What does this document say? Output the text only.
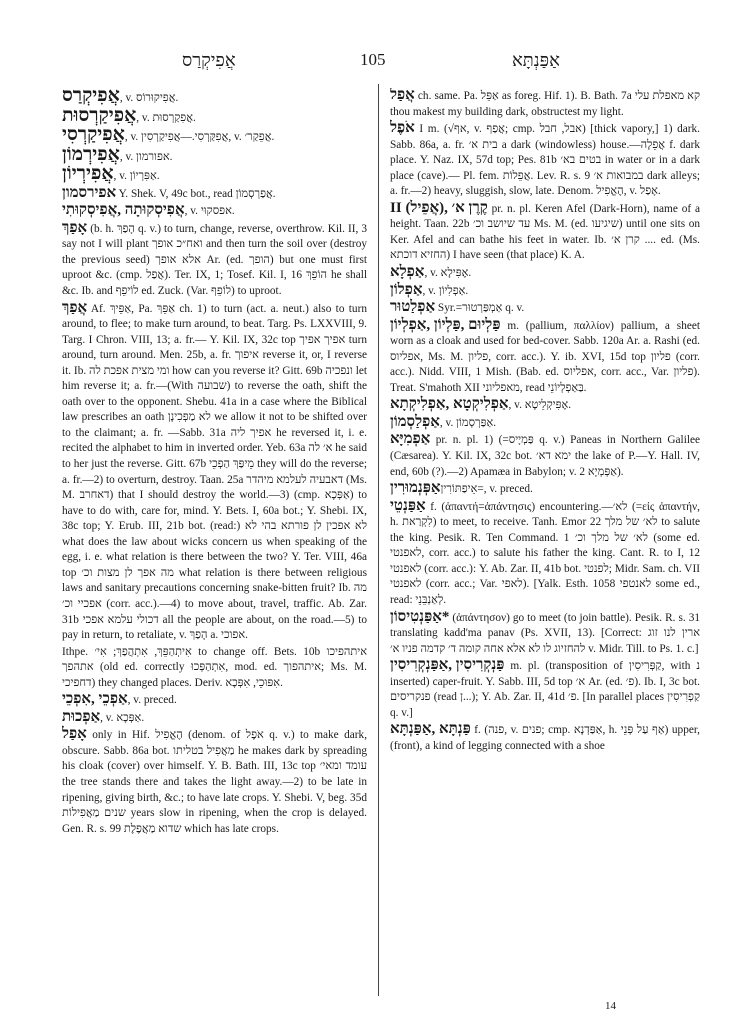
אֲפִיקְרַס	105	אַפַּנְתָּא

אֲפִיקְרַס, v. אֲפִיקוּרוֹס.

אֲפִיקַרְסוּת, v. אֲפִקַרְסוּת.

אֲפִיקַרְסִי, v. אֲפִקַּרְסִי.—אֲפִיקַרְסִין, v. אֲפֵקַר׳.

אֲפִירְמוֹן, v. אפורמון.

אֲפִירְיוֹן, v. אַפִּרְיוֹן.

אפירסמון Y. Shek. V, 49c bot., read אֲפַרְסְמוֹן.

אֲפִיסְקוּתָה ,אֲפִיסְקוּתִי, v. אפסקוּי.

אָפַךְ (b. h. הָפַךְ q. v.) to turn, change, reverse, overthrow. Kil. II, 3 say not I will plant ואח״כ אופך and then turn the soil over (destroy the previous seed) אלא אופך Ar. (ed. הופך) but one must first uproot &c. (cmp. אֲפַל). Ter. IX, 1; Tosef. Kil. I, 16 הוֹפֵךְ he shall &c. Ib. and לוֹיפֵף ed. Zuck. (Var. לוֹפֵף) to uproot.

אֲפַךְ Af. אַפֵּיךְ, Pa. אַפֵּךְ ch. 1) to turn (act. a. neut.) also to turn around, to flee; to make turn around, to beat. Targ. Ps. LXXVIII, 9. Targ. I Chron. VIII, 13; a. fr.— Y. Kil. IX, 32c top אפיך אפיך turn around, turn around. Men. 25b, a. fr. איפוך reverse it, or, I reverse it. Ib. ומי מצית אפכת לה how can you reverse it? Gitt. 69b ונפכיה let him reverse it; a. fr.—(With שבועה) to reverse the oath, shift the oath over to the opponent. Shebu. 41a in a case where the Biblical law prescribes an oath לא מַפְכִינָן we allow it not to be shifted over to the claimant; a. fr. —Sabb. 31a אפיך ליה he reversed it, i. e. recited the alphabet to him in inverted order. Yeb. 63a א׳ לה he said to her just the reverse. Gitt. 67b מֵיפַּךְ הַפְכֵי they will do the reverse; a. fr.—2) to overturn, destroy. Taan. 25a דאבעיה לעלמא מיהדר (Ms. M. דאחרב) that I should destroy the world.—3) (cmp. אַפְּכָא) to have to do with, care for, mind. Y. Bets. I, 60a bot.; Y. Shebi. IX, 38c top; Y. Erub. III, 21b bot. (read:) לא אפכין לן פורתא בהי לא what does the law about wicks concern us when speaking of the egg, i. e. what relation is there between the two? Y. Ter. VIII, 46a top מה אפך לן מצות וכ׳ what relation is there between religious laws and sanitary precautions concerning snake-bitten fruit? Ib. מה אפכיי וכ׳ (corr. acc.).—4) to move about, travel, traffic. Ab. Zar. 31b דכולי עלמא אפכי all the people are about, on the road.—5) to pay in return, to retaliate, v. הָפַךְ a. אפוכי.

Ithpe. אִיתְהַפֵּךְ, אִתְהֲפַךְ; אִי׳ to change off. Bets. 10b איתהפיכו אתהפך (old ed. correctly אִתְהַפְּכוּ, mod. ed. איתהפוך; Ms. M. דחפיכי) they changed places. Deriv. אִפּוּכֵי, אִפְּכָא.

אַפְכֵי ,אִפְכֵי, v. preced.

אַפְכוּת, v. אַפְּכָא.

אָפַל only in Hif. הֶאֱפִיל (denom. of אֹפֶל q. v.) to make dark, obscure. Sabb. 86a bot. מַאֲפִיל בטליתו he makes dark by spreading his cloak (cover) over himself. Y. B. Bath. III, 13c top עומד ומאי׳ the tree stands there and takes the light away.—2) to be late in ripening, giving birth, &c.; to have late crops. Y. Shebi. V, beg. 35d שנים מַאֲפִילוֹת years slow in ripening, when the crop is delayed. Gen. R. s. 99 שדוא מַאֲפֶלֶת which has late crops.

אֲפַל ch. same. Pa. אַפֵּל as foreg. Hif. 1). B. Bath. 7a קא מאפלת עלי thou makest my building dark, obstructest my light.

אֹפֶל I m. (√אף, v. אֲפַף; cmp. אבל, חבל) [thick vapory,] 1) dark. Sabb. 86a, a. fr. בית א׳ a dark (windowless) house.—אֲפֵלָה f. dark place. Y. Naz. IX, 57d top; Pes. 81b בטים בא׳ in water or in a dark place (cave).— Pl. fem. אֲפֵלוֹת. Lev. R. s. 9 במבואות א׳ dark alleys; a. fr.—2) heavy, sluggish, slow, late. Denom. הֶאֱפִיל, v. אָפַל.

קֶרֶן א׳ ,(אֲפֵיל) II pr. n. pl. Keren Afel (Dark-Horn), name of a height. Taan. 22b עד שיושב וכ׳ Ms. M. (ed. שיגיעו) until one sits on Ker. Afel and can bathe his feet in water. Ib. קרן א׳ .... ed. (Ms. החזיא דוכתא) I have seen (that place) K. A.

אַפְלָא, v. אֶפִּילָא.

אַפְלוֹן, v. אַפְלִיוֹן.

אַפְלַטוּר Syr.=אַמְפַּרְטוּר q. v.

פַּלְיוּם ,פַּלְיוֹן ,אַפְלְיוֹן m. (pallium, παλλίον) pallium, a sheet worn as a cloak and used for bed-cover. Sabb. 120a Ar. a. Rashi (ed. אפליוס, Ms. M. פליון, corr. acc.). Y. ib. XVI, 15d top פליון (corr. acc.). Nidd. VIII, 1 Mish. (Bab. ed. אפליוס, corr. acc., Var. פליון). Treat. S'mahoth XII מאפליוני, read בַּאַפְלְיוֹנֵי.

אַפְלִיקְטָא ,אַפְלִיקְתָא, v. אֶפִּיקְלֵיטָא.

אַפְלַסְמוֹן, v. אַפַּרְסְמוֹן.

אַפְמִיָּא pr. n. pl. 1) (=פַּמְיָיס q. v.) Paneas in Northern Galilee (Cæsarea). Y. Kil. IX, 32c bot. ימא דא׳ the lake of P.—Y. Hall. IV, end, 60b (?).—2) Apamæa in Babylon; v. אַפְּמְיָא 2).

אַפְּנְמוּרִיןאֵיפַתּוֹרִין=, v. preced.

אַפַּנְטֵי f. (ἀπαντή=ἀπάντησις) encountering.—לא׳ (=εἰς ἀπαντήν, h. לִקְרַאת) to meet, to receive. Tanh. Emor 22 לא׳ של מלך to salute the king. Pesik. R. Ten Command. 1 לא׳ של מלך וכ׳ (some ed. לאפנטי, corr. acc.) to salute his father the king. Cant. R. to I, 12 לאפנטי (corr. acc.): Y. Ab. Zar. II, 41b bot. לפנטי; Midr. Sam. ch. VII לאפנטי (corr. acc.; Var. לאפי). [Yalk. Esth. 1058 לאנטפי some ed., read: לְאַנְבֵּנֵי.

*אַפַּנְטִיסוֹן (ἀπάντησον) go to meet (to join battle). Pesik. R. s. 31 translating kadd'ma panav (Ps. XVII, 13). [Correct: ארין לנו זוג להחזיוג לו לא אלא אחה קומה ד׳ קדמה פניו א׳ v. Midr. Till. to Ps. 1. c.]

פַּנְקְרִיסִין ,אַפַּנְקְרִיסִין m. pl. (transposition of קַפְּרִיסִין, with נ inserted) caper-fruit. Y. Sabb. III, 5d top א׳ Ar. (ed. פ׳). Ib. I, 3c bot. פנקריסים (read ן...); Y. Ab. Zar. II, 41d פ׳. [In parallel places קַפְרִיסִין q. v.]

פַּנְתָּא ,אַפַּנְתָּא f. (פנה, v. פנים; cmp. אַפַּדְנָא, h. אַף עַל פְּנֵי) upper, (front), a kind of legging connected with a shoe

14
